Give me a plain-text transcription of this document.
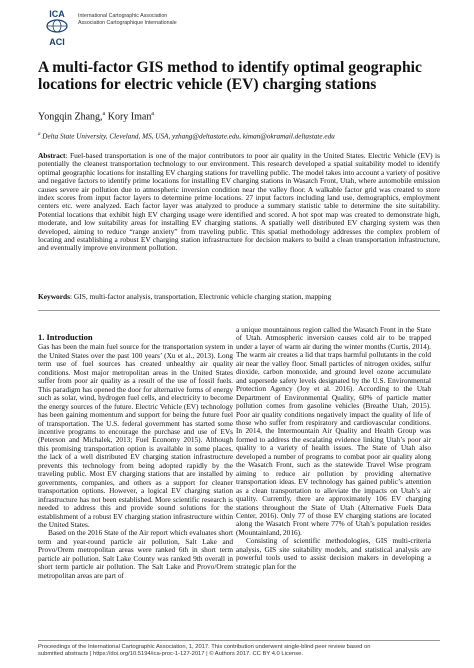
ICA
ACI
International Cartographic Association
Association Cartographique Internationale
A multi-factor GIS method to identify optimal geographic locations for electric vehicle (EV) charging stations
Yongqin Zhang,$^a$ Kory Iman$^a$
$^a$ Delta State University, Cleveland, MS, USA, yzhang@deltastate.edu, kiman@okramail.deltastate.edu

Abstract: Fuel-based transportation is one of the major contributors to poor air quality in the United States. Electric Vehicle (EV) is potentially the cleanest transportation technology to our environment. This research developed a spatial suitability model to identify optimal geographic locations for installing EV charging stations for travelling public. The model takes into account a variety of positive and negative factors to identify prime locations for installing EV charging stations in Wasatch Front, Utah, where automobile emission causes severe air pollution due to atmospheric inversion condition near the valley floor. A walkable factor grid was created to store index scores from input factor layers to determine prime locations. 27 input factors including land use, demographics, employment centers etc. were analyzed. Each factor layer was analyzed to produce a summary statistic table to determine the site suitability. Potential locations that exhibit high EV charging usage were identified and scored. A hot spot map was created to demonstrate high, moderate, and low suitability areas for installing EV charging stations. A spatially well distributed EV charging system was then developed, aiming to reduce “range anxiety” from traveling public. This spatial methodology addresses the complex problem of locating and establishing a robust EV charging station infrastructure for decision makers to build a clean transportation infrastructure, and eventually improve environment pollution.

Keywords: GIS, multi-factor analysis, transportation, Electronic vehicle charging station, mapping
1. Introduction

Gas has been the main fuel source for the transportation system in the United States over the past 100 years’ (Xu et al., 2013). Long term use of fuel sources has created unhealthy air quality conditions. Most major metropolitan areas in the United States suffer from poor air quality as a result of the use of fossil fuels. This paradigm has opened the door for alternative forms of energy such as solar, wind, hydrogen fuel cells, and electricity to become the energy sources of the future. Electric Vehicle (EV) technology has been gaining momentum and support for being the future fuel of transportation. The U.S. federal government has started some incentive programs to encourage the purchase and use of EVs (Peterson and Michalek, 2013; Fuel Economy 2015). Although this promising transportation option is available in some places, the lack of a well distributed EV charging station infrastructure prevents this technology from being adopted rapidly by the traveling public. Most EV charging stations that are installed by governments, companies, and others as a support for cleaner transportation options. However, a logical EV charging station infrastructure has not been established. More scientific research is needed to address this and provide sound solutions for the establishment of a robust EV charging station infrastructure within the United States.

Based on the 2016 State of the Air report which evaluates short term and year-round particle air pollution, Salt Lake and Provo/Orem metropolitan areas were ranked 6th in short term particle air pollution. Salt Lake County was ranked 9th overall in short term particle air pollution. The Salt Lake and Provo/Orem metropolitan areas are part of

a unique mountainous region called the Wasatch Front in the State of Utah. Atmospheric inversion causes cold air to be trapped under a layer of warm air during the winter months (Curtis, 2014). The warm air creates a lid that traps harmful pollutants in the cold air near the valley floor. Small particles of nitrogen oxides, sulfur dioxide, carbon monoxide, and ground level ozone accumulate and supersede safety levels designated by the U.S. Environmental Protection Agency (Joy et al. 2016). According to the Utah Department of Environmental Quality, 60% of particle matter pollution comes from gasoline vehicles (Breathe Utah, 2015). Poor air quality conditions negatively impact the quality of life of those who suffer from respiratory and cardiovascular conditions. In 2014, the Intermountain Air Quality and Health Group was formed to address the escalating evidence linking Utah’s poor air quality to a variety of health issues. The State of Utah also developed a number of programs to combat poor air quality along the Wasatch Front, such as the statewide Travel Wise program aiming to reduce air pollution by providing alternative transportation ideas. EV technology has gained public’s attention as a clean transportation to alleviate the impacts on Utah’s air quality. Currently, there are approximately 106 EV charging stations throughout the State of Utah (Alternative Fuels Data Center, 2016). Only 77 of those EV charging stations are located along the Wasatch Front where 77% of Utah’s population resides (Mountainland, 2016).

Consisting of scientific methodologies, GIS multi-criteria analysis, GIS site suitability models, and statistical analysis are powerful tools used to assist decision makers in developing a strategic plan for the

Proceedings of the International Cartographic Association, 1, 2017. This contribution underwent single-blind peer review based on
submitted abstracts | https://doi.org/10.5194/ica-proc-1-127-2017 | © Authors 2017. CC BY 4.0 License.
